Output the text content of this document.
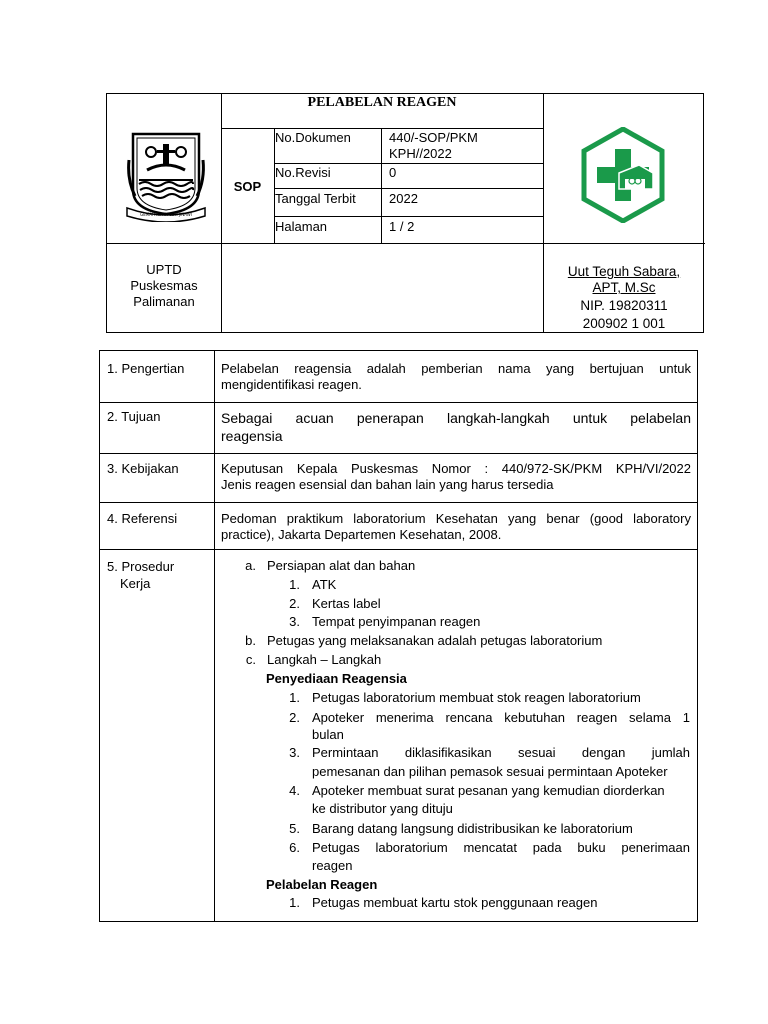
GEMAH RIPAH LOH JINAWI
PELABELAN REAGEN
SOP
No.Dokumen	440/-SOP/PKM
KPH//2022
No.Revisi	0
Tanggal Terbit	2022
Halaman	1 / 2
UPTD
Puskesmas
Palimanan
Uut Teguh Sabara,
APT, M.Sc
NIP. 19820311
200902 1 001
1. Pengertian	Pelabelan reagensia adalah pemberian nama yang bertujuan untuk
mengidentifikasi reagen.
2. Tujuan	Sebagai acuan penerapan langkah-langkah untuk pelabelan
reagensia
3. Kebijakan	Keputusan Kepala Puskesmas Nomor : 440/972-SK/PKM KPH/VI/2022
Jenis reagen esensial dan bahan lain yang harus tersedia
4. Referensi	Pedoman praktikum laboratorium Kesehatan yang benar (good laboratory
practice), Jakarta Departemen Kesehatan, 2008.
5. Prosedur
Kerja
a. Persiapan alat dan bahan
1. ATK
2. Kertas label
3. Tempat penyimpanan reagen
b. Petugas yang melaksanakan adalah petugas laboratorium
c. Langkah – Langkah
Penyediaan Reagensia
1. Petugas laboratorium membuat stok reagen laboratorium
2. Apoteker menerima rencana kebutuhan reagen selama 1
bulan
3. Permintaan diklasifikasikan sesuai dengan jumlah
pemesanan dan pilihan pemasok sesuai permintaan Apoteker
4. Apoteker membuat surat pesanan yang kemudian diorderkan
ke distributor yang dituju
5. Barang datang langsung didistribusikan ke laboratorium
6. Petugas laboratorium mencatat pada buku penerimaan
reagen
Pelabelan Reagen
1. Petugas membuat kartu stok penggunaan reagen
